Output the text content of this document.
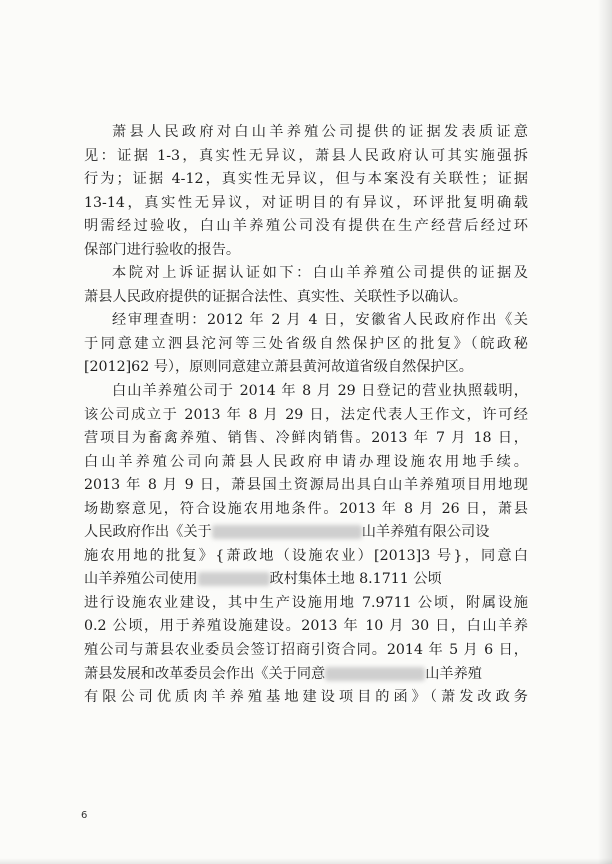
萧县人民政府对白山羊养殖公司提供的证据发表质证意
见：证据 1-3，真实性无异议，萧县人民政府认可其实施强拆
行为；证据 4-12，真实性无异议，但与本案没有关联性；证据
13-14，真实性无异议，对证明目的有异议，环评批复明确载
明需经过验收，白山羊养殖公司没有提供在生产经营后经过环
保部门进行验收的报告。
本院对上诉证据认证如下：白山羊养殖公司提供的证据及
萧县人民政府提供的证据合法性、真实性、关联性予以确认。
经审理查明：2012 年 2 月 4 日，安徽省人民政府作出《关
于同意建立泗县沱河等三处省级自然保护区的批复》（皖政秘
[2012]62 号），原则同意建立萧县黄河故道省级自然保护区。
白山羊养殖公司于 2014 年 8 月 29 日登记的营业执照载明，
该公司成立于 2013 年 8 月 29 日，法定代表人王作文，许可经
营项目为畜禽养殖、销售、冷鲜肉销售。2013 年 7 月 18 日，
白山羊养殖公司向萧县人民政府申请办理设施农用地手续。
2013 年 8 月 9 日，萧县国土资源局出具白山羊养殖项目用地现
场勘察意见，符合设施农用地条件。2013 年 8 月 26 日，萧县
人民政府作出《关于	山羊养殖有限公司设
施农用地的批复》{萧政地（设施农业）[2013]3 号}，同意白
山羊养殖公司使用	政村集体土地 8.1711 公顷
进行设施农业建设，其中生产设施用地 7.9711 公顷，附属设施
0.2 公顷，用于养殖设施建设。2013 年 10 月 30 日，白山羊养
殖公司与萧县农业委员会签订招商引资合同。2014 年 5 月 6 日，
萧县发展和改革委员会作出《关于同意	山羊养殖
有限公司优质肉羊养殖基地建设项目的函》（萧发改政务
6
